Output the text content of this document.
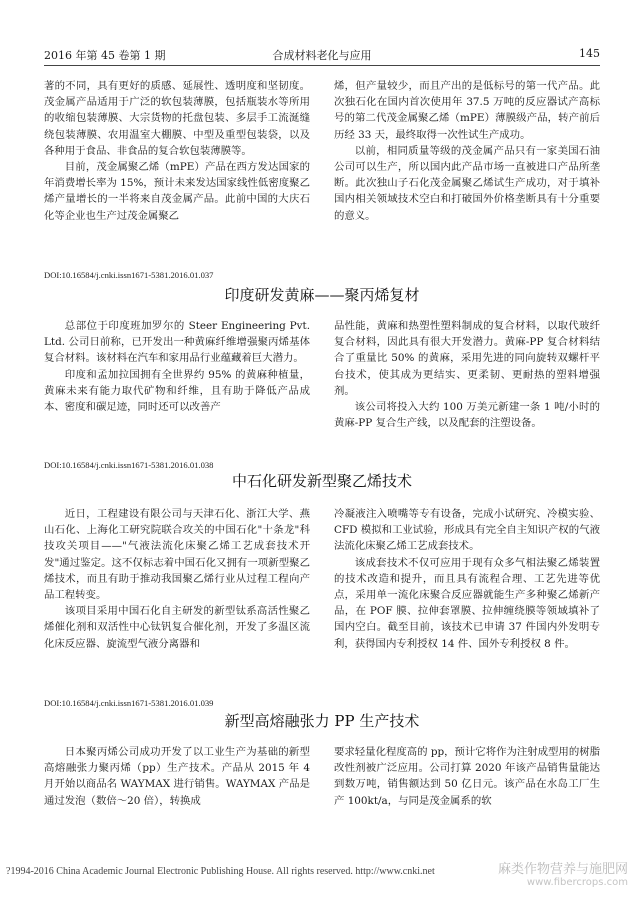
2016 年第 45 卷第 1 期	合成材料老化与应用	145

著的不同，具有更好的质感、延展性、透明度和坚韧度。茂金属产品适用于广泛的软包装薄膜，包括瓶装水等所用的收缩包装薄膜、大宗货物的托盘包装、多层手工流涎缝绕包装薄膜、农用温室大棚膜、中型及重型包装袋，以及各种用于食品、非食品的复合软包装薄膜等。

目前，茂金属聚乙烯（mPE）产品在西方发达国家的年消费增长率为 15%，预计未来发达国家线性低密度聚乙烯产量增长的一半将来自茂金属产品。此前中国的大庆石化等企业也生产过茂金属聚乙

烯，但产量较少，而且产出的是低标号的第一代产品。此次独石化在国内首次使用年 37.5 万吨的反应器试产高标号的第二代茂金属聚乙烯（mPE）薄膜级产品，转产前后历经 33 天，最终取得一次性试生产成功。

以前，相同质量等级的茂金属产品只有一家美国石油公司可以生产，所以国内此产品市场一直被进口产品所垄断。此次独山子石化茂金属聚乙烯试生产成功，对于填补国内相关领域技术空白和打破国外价格垄断具有十分重要的意义。

DOI:10.16584/j.cnki.issn1671-5381.2016.01.037
印度研发黄麻——聚丙烯复材

总部位于印度班加罗尔的 Steer Engineering Pvt. Ltd. 公司日前称，已开发出一种黄麻纤维增强聚丙烯基体复合材料。该材料在汽车和家用品行业蕴藏着巨大潜力。

印度和孟加拉国拥有全世界约 95% 的黄麻种植量，黄麻未来有能力取代矿物和纤维，且有助于降低产品成本、密度和碳足迹，同时还可以改善产

品性能，黄麻和热塑性塑料制成的复合材料，以取代玻纤复合材料，因此具有很大开发潜力。黄麻-PP 复合材料结合了重量比 50% 的黄麻，采用先进的同向旋转双螺杆平台技术，使其成为更结实、更柔韧、更耐热的塑料增强剂。

该公司将投入大约 100 万美元新建一条 1 吨/小时的黄麻-PP 复合生产线，以及配套的注塑设备。

DOI:10.16584/j.cnki.issn1671-5381.2016.01.038
中石化研发新型聚乙烯技术

近日，工程建设有限公司与天津石化、浙江大学、燕山石化、上海化工研究院联合攻关的中国石化"十条龙"科技攻关项目——"气液法流化床聚乙烯工艺成套技术开发"通过鉴定。这不仅标志着中国石化又拥有一项新型聚乙烯技术，而且有助于推动我国聚乙烯行业从过程工程向产品工程转变。

该项目采用中国石化自主研发的新型钛系高活性聚乙烯催化剂和双活性中心钛钒复合催化剂，开发了多温区流化床反应器、旋流型气液分离器和

冷凝液注入喷嘴等专有设备，完成小试研究、冷模实验、CFD 模拟和工业试验，形成具有完全自主知识产权的气液法流化床聚乙烯工艺成套技术。

该成套技术不仅可应用于现有众多气相法聚乙烯装置的技术改造和提升，而且具有流程合理、工艺先进等优点，采用单一流化床聚合反应器就能生产多种聚乙烯新产品，在 POF 膜、拉伸套罩膜、拉伸缠绕膜等领域填补了国内空白。截至目前，该技术已申请 37 件国内外发明专利，获得国内专利授权 14 件、国外专利授权 8 件。

DOI:10.16584/j.cnki.issn1671-5381.2016.01.039
新型高熔融张力 PP 生产技术

日本聚丙烯公司成功开发了以工业生产为基础的新型高熔融张力聚丙烯（pp）生产技术。产品从 2015 年 4 月开始以商品名 WAYMAX 进行销售。WAYMAX 产品是通过发泡（数倍～20 倍），转换成

要求轻量化程度高的 pp，预计它将作为注射成型用的树脂改性剂被广泛应用。公司打算 2020 年该产品销售量能达到数万吨，销售额达到 50 亿日元。该产品在水岛工厂生产 100kt/a，与同是茂金属系的软

?1994-2016 China Academic Journal Electronic Publishing House. All rights reserved. http://www.cnki.net	麻类作物营养与施肥网
www.fibercrops.com
